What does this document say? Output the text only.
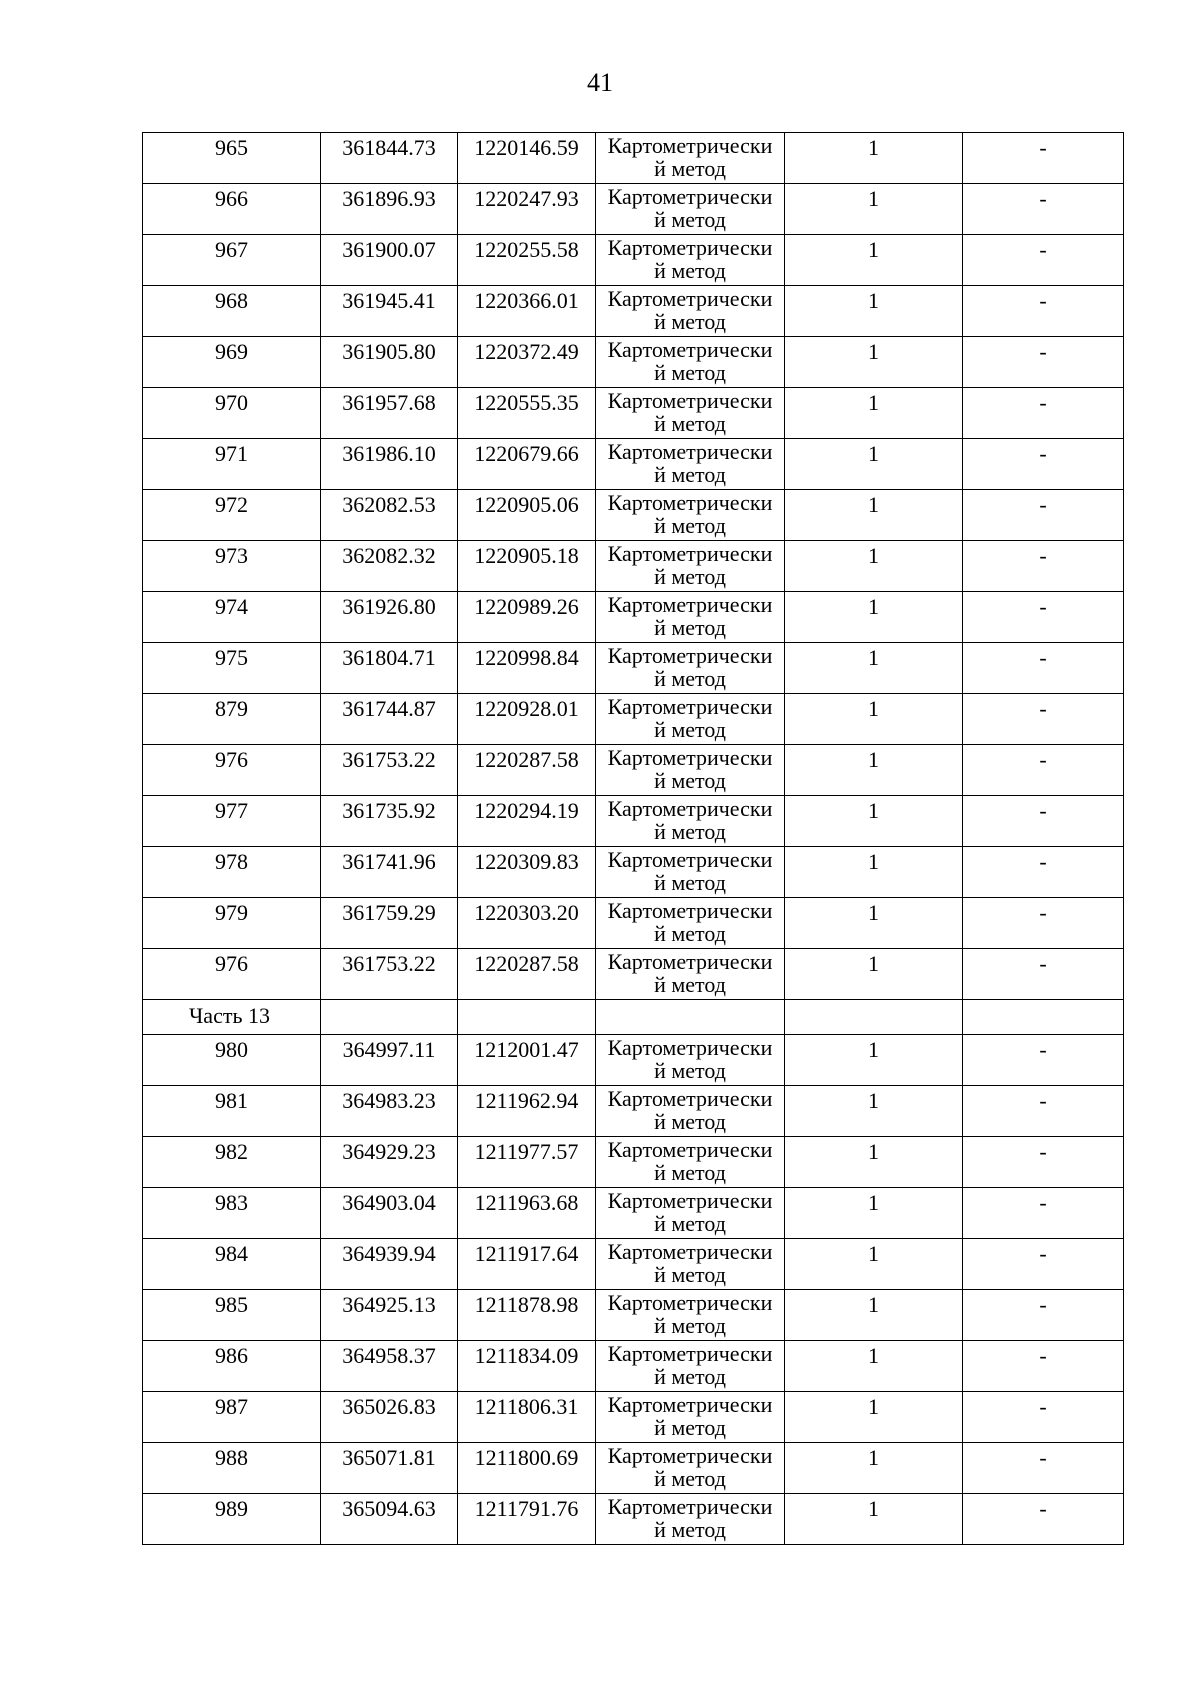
41
965	361844.73	1220146.59	Картометрически
й метод	1	-
966	361896.93	1220247.93	Картометрически
й метод	1	-
967	361900.07	1220255.58	Картометрически
й метод	1	-
968	361945.41	1220366.01	Картометрически
й метод	1	-
969	361905.80	1220372.49	Картометрически
й метод	1	-
970	361957.68	1220555.35	Картометрически
й метод	1	-
971	361986.10	1220679.66	Картометрически
й метод	1	-
972	362082.53	1220905.06	Картометрически
й метод	1	-
973	362082.32	1220905.18	Картометрически
й метод	1	-
974	361926.80	1220989.26	Картометрически
й метод	1	-
975	361804.71	1220998.84	Картометрически
й метод	1	-
879	361744.87	1220928.01	Картометрически
й метод	1	-
976	361753.22	1220287.58	Картометрически
й метод	1	-
977	361735.92	1220294.19	Картометрически
й метод	1	-
978	361741.96	1220309.83	Картометрически
й метод	1	-
979	361759.29	1220303.20	Картометрически
й метод	1	-
976	361753.22	1220287.58	Картометрически
й метод	1	-
Часть 13					
980	364997.11	1212001.47	Картометрически
й метод	1	-
981	364983.23	1211962.94	Картометрически
й метод	1	-
982	364929.23	1211977.57	Картометрически
й метод	1	-
983	364903.04	1211963.68	Картометрически
й метод	1	-
984	364939.94	1211917.64	Картометрически
й метод	1	-
985	364925.13	1211878.98	Картометрически
й метод	1	-
986	364958.37	1211834.09	Картометрически
й метод	1	-
987	365026.83	1211806.31	Картометрически
й метод	1	-
988	365071.81	1211800.69	Картометрически
й метод	1	-
989	365094.63	1211791.76	Картометрически
й метод	1	-
